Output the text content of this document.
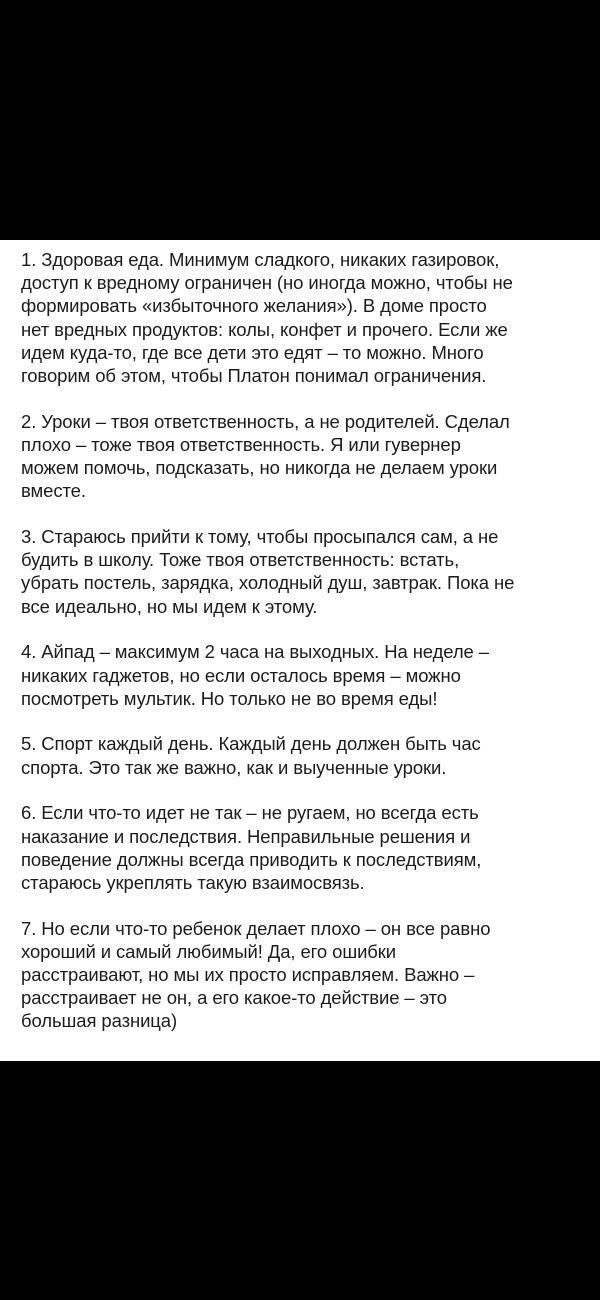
1. Здоровая еда. Минимум сладкого, никаких газировок,
доступ к вредному ограничен (но иногда можно, чтобы не
формировать «избыточного желания»). В доме просто
нет вредных продуктов: колы, конфет и прочего. Если же
идем куда-то, где все дети это едят – то можно. Много
говорим об этом, чтобы Платон понимал ограничения.

2. Уроки – твоя ответственность, а не родителей. Сделал
плохо – тоже твоя ответственность. Я или гувернер
можем помочь, подсказать, но никогда не делаем уроки
вместе.

3. Стараюсь прийти к тому, чтобы просыпался сам, а не
будить в школу. Тоже твоя ответственность: встать,
убрать постель, зарядка, холодный душ, завтрак. Пока не
все идеально, но мы идем к этому.

4. Айпад – максимум 2 часа на выходных. На неделе –
никаких гаджетов, но если осталось время – можно
посмотреть мультик. Но только не во время еды!

5. Спорт каждый день. Каждый день должен быть час
спорта. Это так же важно, как и выученные уроки.

6. Если что-то идет не так – не ругаем, но всегда есть
наказание и последствия. Неправильные решения и
поведение должны всегда приводить к последствиям,
стараюсь укреплять такую взаимосвязь.

7. Но если что-то ребенок делает плохо – он все равно
хороший и самый любимый! Да, его ошибки
расстраивают, но мы их просто исправляем. Важно –
расстраивает не он, а его какое-то действие – это
большая разница)
